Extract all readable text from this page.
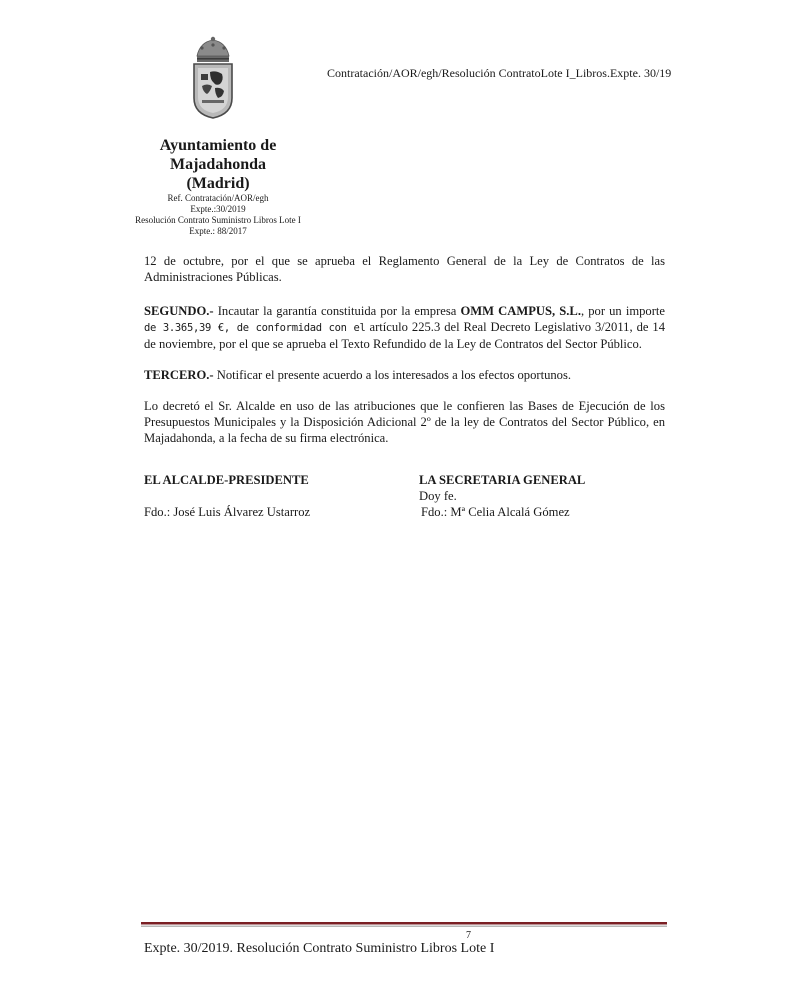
Contratación/AOR/egh/Resolución ContratoLote I_Libros.Expte. 30/19
Ayuntamiento de
Majadahonda
(Madrid)
Ref. Contratación/AOR/egh
Expte.:30/2019
Resolución Contrato Suministro Libros Lote I
Expte.: 88/2017

12 de octubre, por el que se aprueba el Reglamento General de la Ley de Contratos de las Administraciones Públicas.

SEGUNDO.- Incautar la garantía constituida por la empresa OMM CAMPUS, S.L., por un importe de 3.365,39 €, de conformidad con el artículo 225.3 del Real Decreto Legislativo 3/2011, de 14 de noviembre, por el que se aprueba el Texto Refundido de la Ley de Contratos del Sector Público.

TERCERO.- Notificar el presente acuerdo a los interesados a los efectos oportunos.

Lo decretó el Sr. Alcalde en uso de las atribuciones que le confieren las Bases de Ejecución de los Presupuestos Municipales y la Disposición Adicional 2º de la ley de Contratos del Sector Público, en Majadahonda, a la fecha de su firma electrónica.

EL ALCALDE-PRESIDENTE
Fdo.: José Luis Álvarez Ustarroz
LA SECRETARIA GENERAL
Doy fe.
Fdo.: Mª Celia Alcalá Gómez
7
Expte. 30/2019. Resolución Contrato Suministro Libros Lote I
